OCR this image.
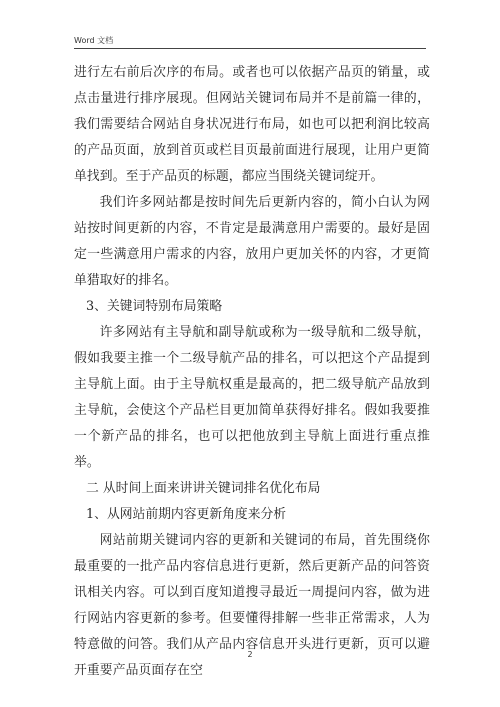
Word 文档

进行左右前后次序的布局。或者也可以依据产品页的销量，或点击量进行排序展现。但网站关键词布局并不是前篇一律的，我们需要结合网站自身状况进行布局，如也可以把利润比较高的产品页面，放到首页或栏目页最前面进行展现，让用户更简单找到。至于产品页的标题，都应当围绕关键词绽开。

我们许多网站都是按时间先后更新内容的，简小白认为网站按时间更新的内容，不肯定是最满意用户需要的。最好是固定一些满意用户需求的内容，放用户更加关怀的内容，才更简单猎取好的排名。

3、关键词特别布局策略

许多网站有主导航和副导航或称为一级导航和二级导航，假如我要主推一个二级导航产品的排名，可以把这个产品提到主导航上面。由于主导航权重是最高的，把二级导航产品放到主导航，会使这个产品栏目更加简单获得好排名。假如我要推一个新产品的排名，也可以把他放到主导航上面进行重点推举。

二 从时间上面来讲讲关键词排名优化布局

1、从网站前期内容更新角度来分析

网站前期关键词内容的更新和关键词的布局，首先围绕你最重要的一批产品内容信息进行更新，然后更新产品的问答资讯相关内容。可以到百度知道搜寻最近一周提问内容，做为进行网站内容更新的参考。但要懂得排解一些非正常需求，人为特意做的问答。我们从产品内容信息开头进行更新，页可以避开重要产品页面存在空

2
